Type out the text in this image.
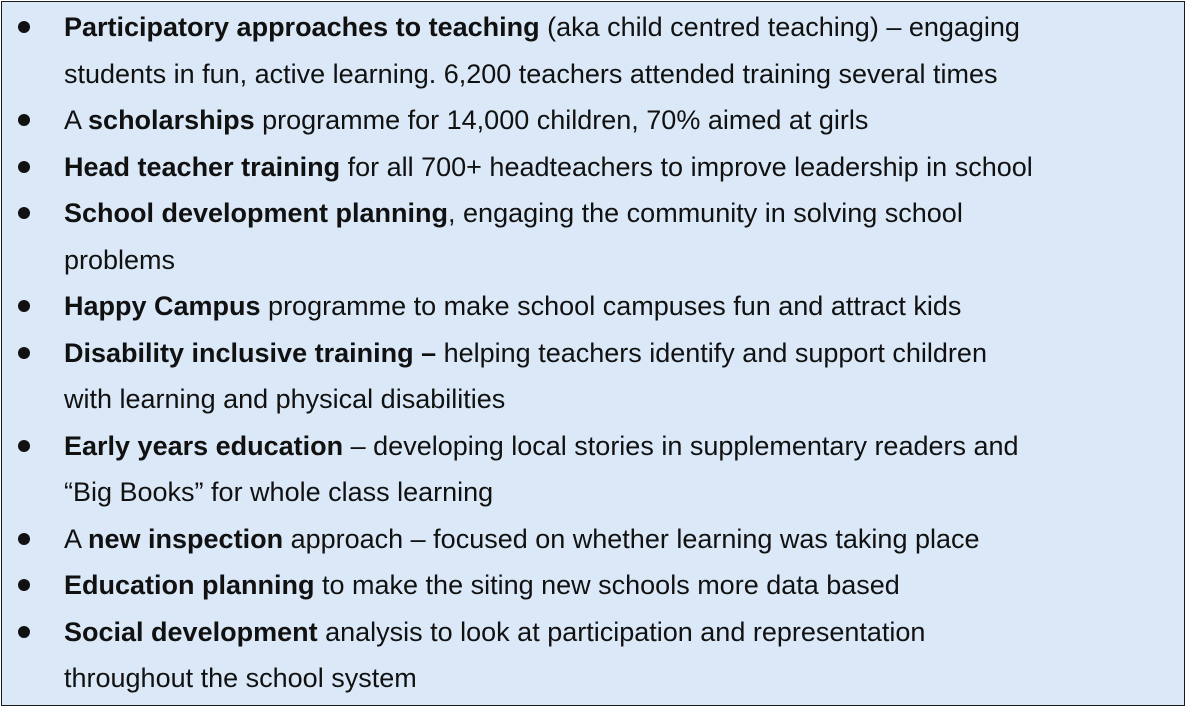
Participatory approaches to teaching (aka child centred teaching) – engaging
students in fun, active learning. 6,200 teachers attended training several times
A scholarships programme for 14,000 children, 70% aimed at girls
Head teacher training for all 700+ headteachers to improve leadership in school
School development planning, engaging the community in solving school
problems
Happy Campus programme to make school campuses fun and attract kids
Disability inclusive training – helping teachers identify and support children
with learning and physical disabilities
Early years education – developing local stories in supplementary readers and
“Big Books” for whole class learning
A new inspection approach – focused on whether learning was taking place
Education planning to make the siting new schools more data based
Social development analysis to look at participation and representation
throughout the school system
